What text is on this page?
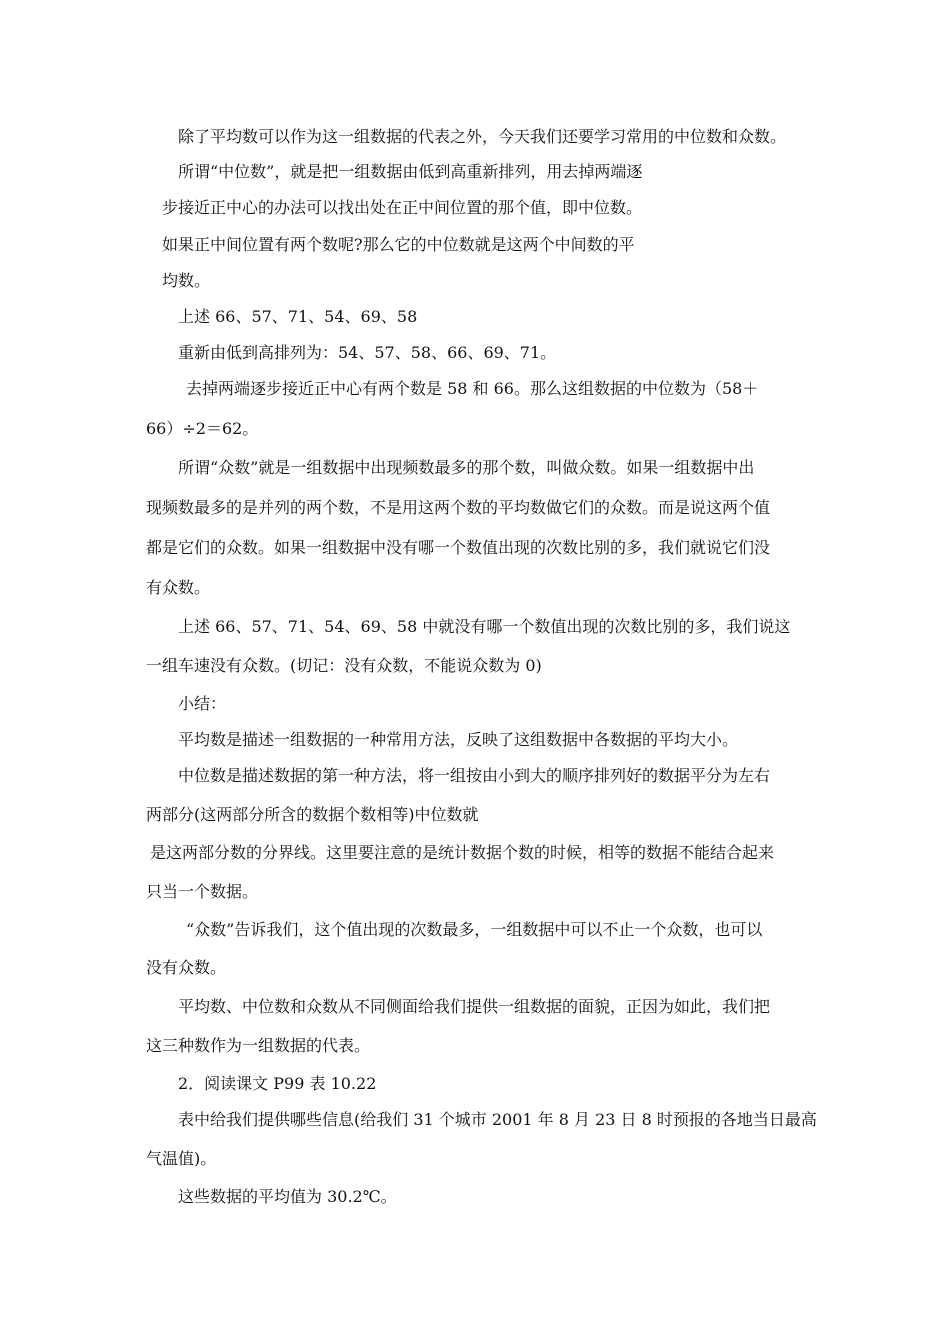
除了平均数可以作为这一组数据的代表之外，今天我们还要学习常用的中位数和众数。

所谓“中位数”，就是把一组数据由低到高重新排列，用去掉两端逐

步接近正中心的办法可以找出处在正中间位置的那个值，即中位数。

如果正中间位置有两个数呢?那么它的中位数就是这两个中间数的平

均数。

上述 66、57、71、54、69、58

重新由低到高排列为：54、57、58、66、69、71。

去掉两端逐步接近正中心有两个数是 58 和 66。那么这组数据的中位数为（58＋

66）÷2＝62。

所谓“众数”就是一组数据中出现频数最多的那个数，叫做众数。如果一组数据中出

现频数最多的是并列的两个数，不是用这两个数的平均数做它们的众数。而是说这两个值

都是它们的众数。如果一组数据中没有哪一个数值出现的次数比别的多，我们就说它们没

有众数。

上述 66、57、71、54、69、58 中就没有哪一个数值出现的次数比别的多，我们说这

一组车速没有众数。(切记：没有众数，不能说众数为 0)

小结：

平均数是描述一组数据的一种常用方法，反映了这组数据中各数据的平均大小。

中位数是描述数据的第一种方法，将一组按由小到大的顺序排列好的数据平分为左右

两部分(这两部分所含的数据个数相等)中位数就

是这两部分数的分界线。这里要注意的是统计数据个数的时候，相等的数据不能结合起来

只当一个数据。

“众数”告诉我们，这个值出现的次数最多，一组数据中可以不止一个众数，也可以

没有众数。

平均数、中位数和众数从不同侧面给我们提供一组数据的面貌，正因为如此，我们把

这三种数作为一组数据的代表。

2．阅读课文 P99 表 10.22

表中给我们提供哪些信息(给我们 31 个城市 2001 年 8 月 23 日 8 时预报的各地当日最高

气温值)。

这些数据的平均值为 30.2℃。
